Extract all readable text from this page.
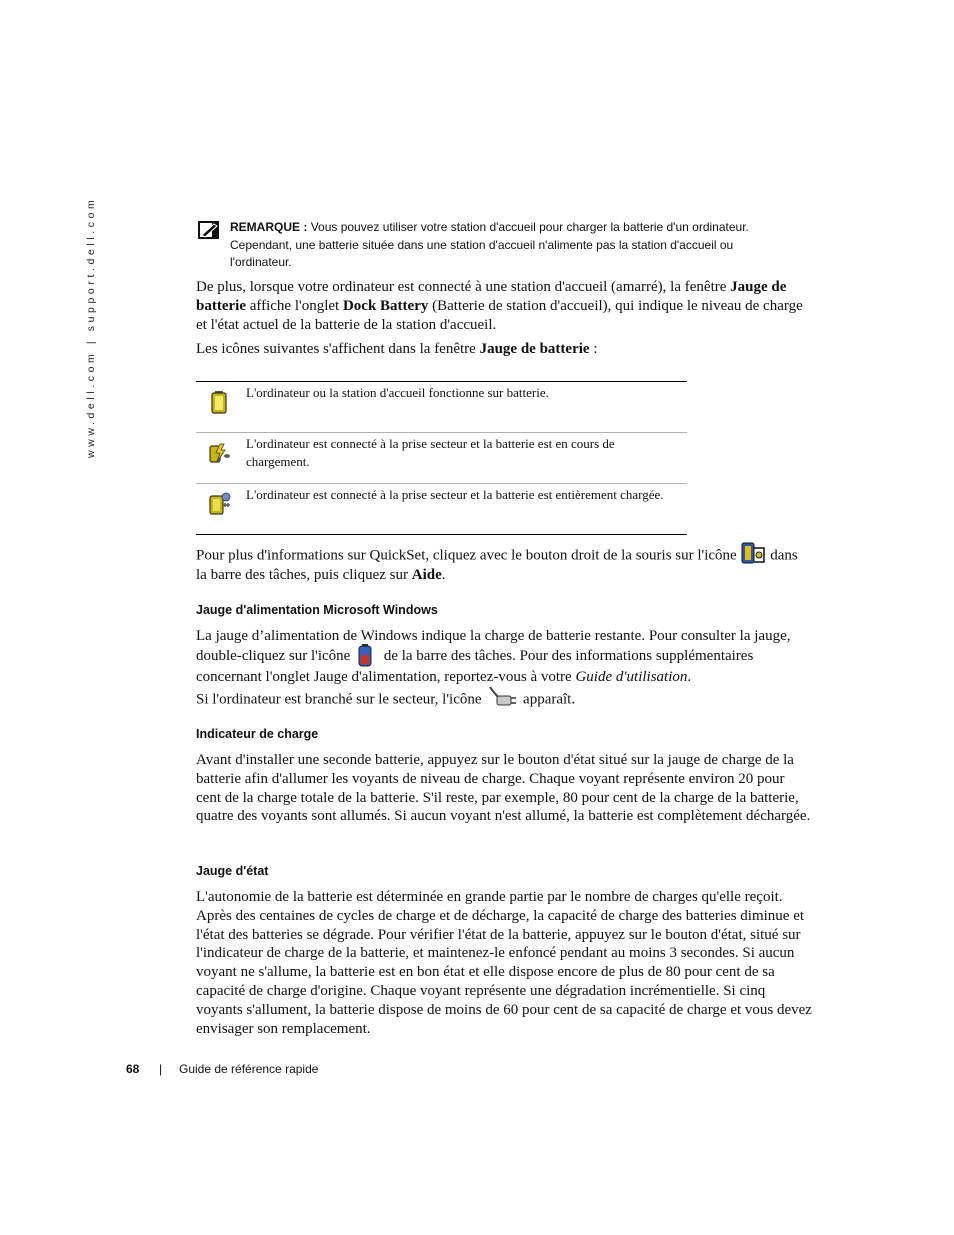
www.dell.com | support.dell.com	REMARQUE : Vous pouvez utiliser votre station d'accueil pour charger la batterie d'un ordinateur.
Cependant, une batterie située dans une station d'accueil n'alimente pas la station d'accueil ou
l'ordinateur.

De plus, lorsque votre ordinateur est connecté à une station d'accueil (amarré), la fenêtre Jauge de batterie affiche l'onglet Dock Battery (Batterie de station d'accueil), qui indique le niveau de charge et l'état actuel de la batterie de la station d'accueil.

Les icônes suivantes s'affichent dans la fenêtre Jauge de batterie :

L'ordinateur ou la station d'accueil fonctionne sur batterie.
L'ordinateur est connecté à la prise secteur et la batterie est en cours de chargement.
L'ordinateur est connecté à la prise secteur et la batterie est entièrement chargée.

Pour plus d'informations sur QuickSet, cliquez avec le bouton droit de la souris sur l'icône  dans la barre des tâches, puis cliquez sur Aide.

Jauge d'alimentation Microsoft Windows

La jauge d’alimentation de Windows indique la charge de batterie restante. Pour consulter la jauge, double-cliquez sur l'icône  de la barre des tâches. Pour des informations supplémentaires concernant l'onglet Jauge d'alimentation, reportez-vous à votre Guide d'utilisation.

Si l'ordinateur est branché sur le secteur, l'icône  apparaît.

Indicateur de charge

Avant d'installer une seconde batterie, appuyez sur le bouton d'état situé sur la jauge de charge de la batterie afin d'allumer les voyants de niveau de charge. Chaque voyant représente environ 20 pour cent de la charge totale de la batterie. S'il reste, par exemple, 80 pour cent de la charge de la batterie, quatre des voyants sont allumés. Si aucun voyant n'est allumé, la batterie est complètement déchargée.

Jauge d'état

L'autonomie de la batterie est déterminée en grande partie par le nombre de charges qu'elle reçoit. Après des centaines de cycles de charge et de décharge, la capacité de charge des batteries diminue et l'état des batteries se dégrade. Pour vérifier l'état de la batterie, appuyez sur le bouton d'état, situé sur l'indicateur de charge de la batterie, et maintenez-le enfoncé pendant au moins 3 secondes. Si aucun voyant ne s'allume, la batterie est en bon état et elle dispose encore de plus de 80 pour cent de sa capacité de charge d'origine. Chaque voyant représente une dégradation incrémentielle. Si cinq voyants s'allument, la batterie dispose de moins de 60 pour cent de sa capacité de charge et vous devez envisager son remplacement.

68 | Guide de référence rapide
